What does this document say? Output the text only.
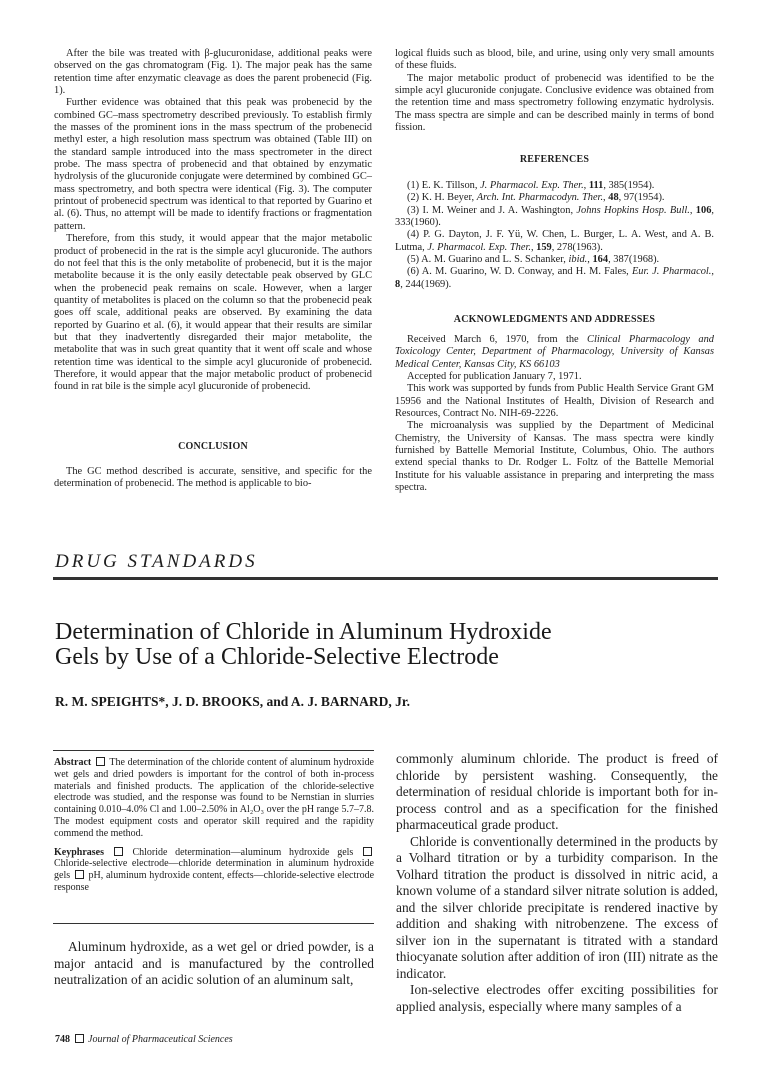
After the bile was treated with β-glucuronidase, additional peaks were observed on the gas chromatogram (Fig. 1). The major peak has the same retention time after enzymatic cleavage as does the parent probenecid (Fig. 1).

Further evidence was obtained that this peak was probenecid by the combined GC–mass spectrometry described previously. To establish firmly the masses of the prominent ions in the mass spectrum of the probenecid methyl ester, a high resolution mass spectrum was obtained (Table III) on the standard sample introduced into the mass spectrometer in the direct probe. The mass spectra of probenecid and that obtained by enzymatic hydrolysis of the glucuronide conjugate were determined by combined GC–mass spectrometry, and both spectra were identical (Fig. 3). The computer printout of probenecid spectrum was identical to that reported by Guarino et al. (6). Thus, no attempt will be made to identify fractions or fragmentation pattern.

Therefore, from this study, it would appear that the major metabolic product of probenecid in the rat is the simple acyl glucuronide. The authors do not feel that this is the only metabolite of probenecid, but it is the major metabolite because it is the only easily detectable peak observed by GLC when the probenecid peak remains on scale. However, when a larger quantity of metabolites is placed on the column so that the probenecid peak goes off scale, additional peaks are observed. By examining the data reported by Guarino et al. (6), it would appear that their results are similar but that they inadvertently disregarded their major metabolite, the metabolite that was in such great quantity that it went off scale and whose retention time was identical to the simple acyl glucuronide of probenecid. Therefore, it would appear that the major metabolic product of probenecid found in rat bile is the simple acyl glucuronide of probenecid.

CONCLUSION

The GC method described is accurate, sensitive, and specific for the determination of probenecid. The method is applicable to bio-

logical fluids such as blood, bile, and urine, using only very small amounts of these fluids.

The major metabolic product of probenecid was identified to be the simple acyl glucuronide conjugate. Conclusive evidence was obtained from the retention time and mass spectrometry following enzymatic hydrolysis. The mass spectra are simple and can be described mainly in terms of bond fission.

REFERENCES

(1) E. K. Tillson, J. Pharmacol. Exp. Ther., 111, 385(1954).

(2) K. H. Beyer, Arch. Int. Pharmacodyn. Ther., 48, 97(1954).

(3) I. M. Weiner and J. A. Washington, Johns Hopkins Hosp. Bull., 106, 333(1960).

(4) P. G. Dayton, J. F. Yü, W. Chen, L. Burger, L. A. West, and A. B. Lutma, J. Pharmacol. Exp. Ther., 159, 278(1963).

(5) A. M. Guarino and L. S. Schanker, ibid., 164, 387(1968).

(6) A. M. Guarino, W. D. Conway, and H. M. Fales, Eur. J. Pharmacol., 8, 244(1969).

ACKNOWLEDGMENTS AND ADDRESSES

Received March 6, 1970, from the Clinical Pharmacology and Toxicology Center, Department of Pharmacology, University of Kansas Medical Center, Kansas City, KS 66103

Accepted for publication January 7, 1971.

This work was supported by funds from Public Health Service Grant GM 15956 and the National Institutes of Health, Division of Research and Resources, Contract No. NIH-69-2226.

The microanalysis was supplied by the Department of Medicinal Chemistry, the University of Kansas. The mass spectra were kindly furnished by Battelle Memorial Institute, Columbus, Ohio. The authors extend special thanks to Dr. Rodger L. Foltz of the Battelle Memorial Institute for his valuable assistance in preparing and interpreting the mass spectra.

DRUG STANDARDS
Determination of Chloride in Aluminum Hydroxide
Gels by Use of a Chloride-Selective Electrode
R. M. SPEIGHTS*, J. D. BROOKS, and A. J. BARNARD, Jr.
Abstract The determination of the chloride content of aluminum hydroxide wet gels and dried powders is important for the control of both in-process materials and finished products. The application of the chloride-selective electrode was studied, and the response was found to be Nernstian in slurries containing 0.010–4.0% Cl and 1.00–2.50% in Al₂O₃ over the pH range 5.7–7.8. The modest equipment costs and operator skill required and the rapidity commend the method.
Keyphrases	Chloride determination—aluminum hydroxide gels  Chloride-selective electrode—chloride determination in aluminum hydroxide gels pH, aluminum hydroxide content, effects—chloride-selective electrode response

Aluminum hydroxide, as a wet gel or dried powder, is a major antacid and is manufactured by the controlled neutralization of an acidic solution of an aluminum salt,

commonly aluminum chloride. The product is freed of chloride by persistent washing. Consequently, the determination of residual chloride is important both for in-process control and as a specification for the finished pharmaceutical grade product.

Chloride is conventionally determined in the products by a Volhard titration or by a turbidity comparison. In the Volhard titration the product is dissolved in nitric acid, a known volume of a standard silver nitrate solution is added, and the silver chloride precipitate is rendered inactive by addition and shaking with nitrobenzene. The excess of silver ion in the supernatant is titrated with a standard thiocyanate solution after addition of iron (III) nitrate as the indicator.

Ion-selective electrodes offer exciting possibilities for applied analysis, especially where many samples of a

748 Journal of Pharmaceutical Sciences
